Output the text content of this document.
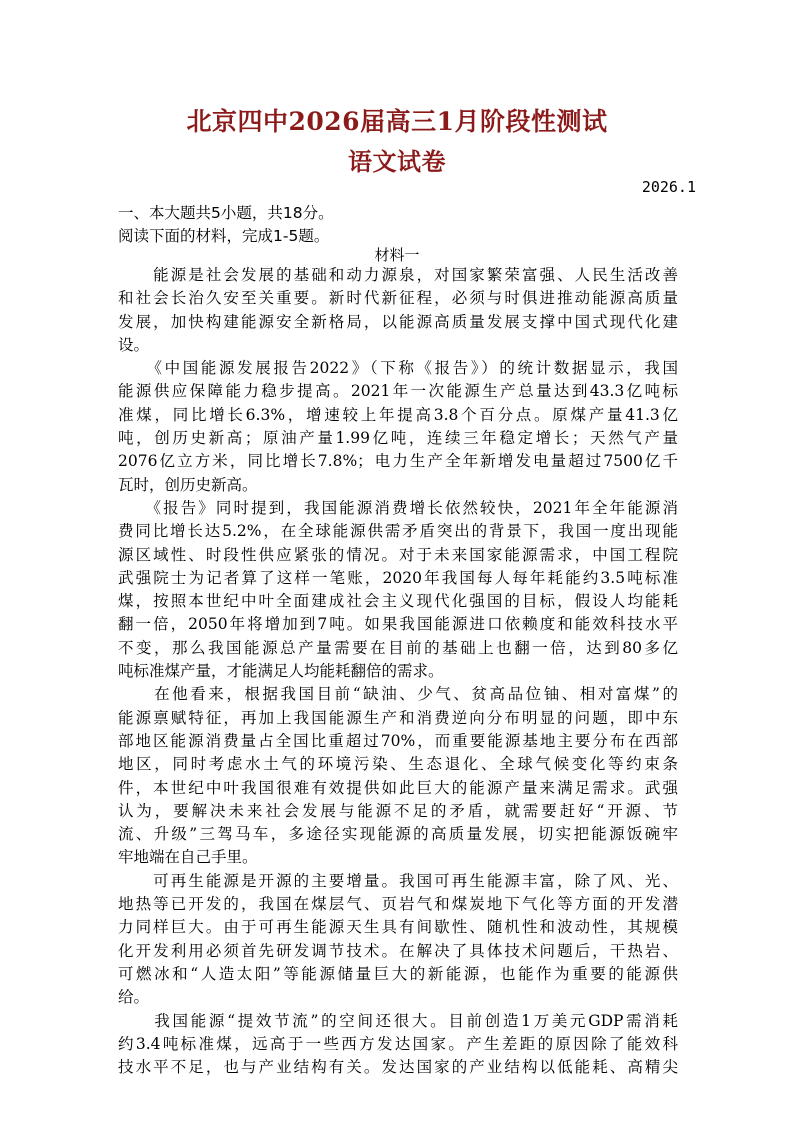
北京四中2026届高三1月阶段性测试
语文试卷
2026.1
一、本大题共5小题，共18分。
阅读下面的材料，完成1-5题。
材料一
　　能源是社会发展的基础和动力源泉，对国家繁荣富强、人民生活改善
和社会长治久安至关重要。新时代新征程，必须与时俱进推动能源高质量
发展，加快构建能源安全新格局，以能源高质量发展支撑中国式现代化建
设。
　　《中国能源发展报告2022》（下称《报告》）的统计数据显示，我国
能源供应保障能力稳步提高。2021年一次能源生产总量达到43.3亿吨标
准煤，同比增长6.3%，增速较上年提高3.8个百分点。原煤产量41.3亿
吨，创历史新高；原油产量1.99亿吨，连续三年稳定增长；天然气产量
2076亿立方米，同比增长7.8%；电力生产全年新增发电量超过7500亿千
瓦时，创历史新高。
　　《报告》同时提到，我国能源消费增长依然较快，2021年全年能源消
费同比增长达5.2%，在全球能源供需矛盾突出的背景下，我国一度出现能
源区域性、时段性供应紧张的情况。对于未来国家能源需求，中国工程院
武强院士为记者算了这样一笔账，2020年我国每人每年耗能约3.5吨标准
煤，按照本世纪中叶全面建成社会主义现代化强国的目标，假设人均能耗
翻一倍，2050年将增加到7吨。如果我国能源进口依赖度和能效科技水平
不变，那么我国能源总产量需要在目前的基础上也翻一倍，达到80多亿
吨标准煤产量，才能满足人均能耗翻倍的需求。
　　在他看来，根据我国目前“缺油、少气、贫高品位铀、相对富煤”的
能源禀赋特征，再加上我国能源生产和消费逆向分布明显的问题，即中东
部地区能源消费量占全国比重超过70%，而重要能源基地主要分布在西部
地区，同时考虑水土气的环境污染、生态退化、全球气候变化等约束条
件，本世纪中叶我国很难有效提供如此巨大的能源产量来满足需求。武强
认为，要解决未来社会发展与能源不足的矛盾，就需要赶好“开源、节
流、升级”三驾马车，多途径实现能源的高质量发展，切实把能源饭碗牢
牢地端在自己手里。
　　可再生能源是开源的主要增量。我国可再生能源丰富，除了风、光、
地热等已开发的，我国在煤层气、页岩气和煤炭地下气化等方面的开发潜
力同样巨大。由于可再生能源天生具有间歇性、随机性和波动性，其规模
化开发利用必须首先研发调节技术。在解决了具体技术问题后，干热岩、
可燃冰和“人造太阳”等能源储量巨大的新能源，也能作为重要的能源供
给。
　　我国能源“提效节流”的空间还很大。目前创造1万美元GDP需消耗
约3.4吨标准煤，远高于一些西方发达国家。产生差距的原因除了能效科
技水平不足，也与产业结构有关。发达国家的产业结构以低能耗、高精尖
